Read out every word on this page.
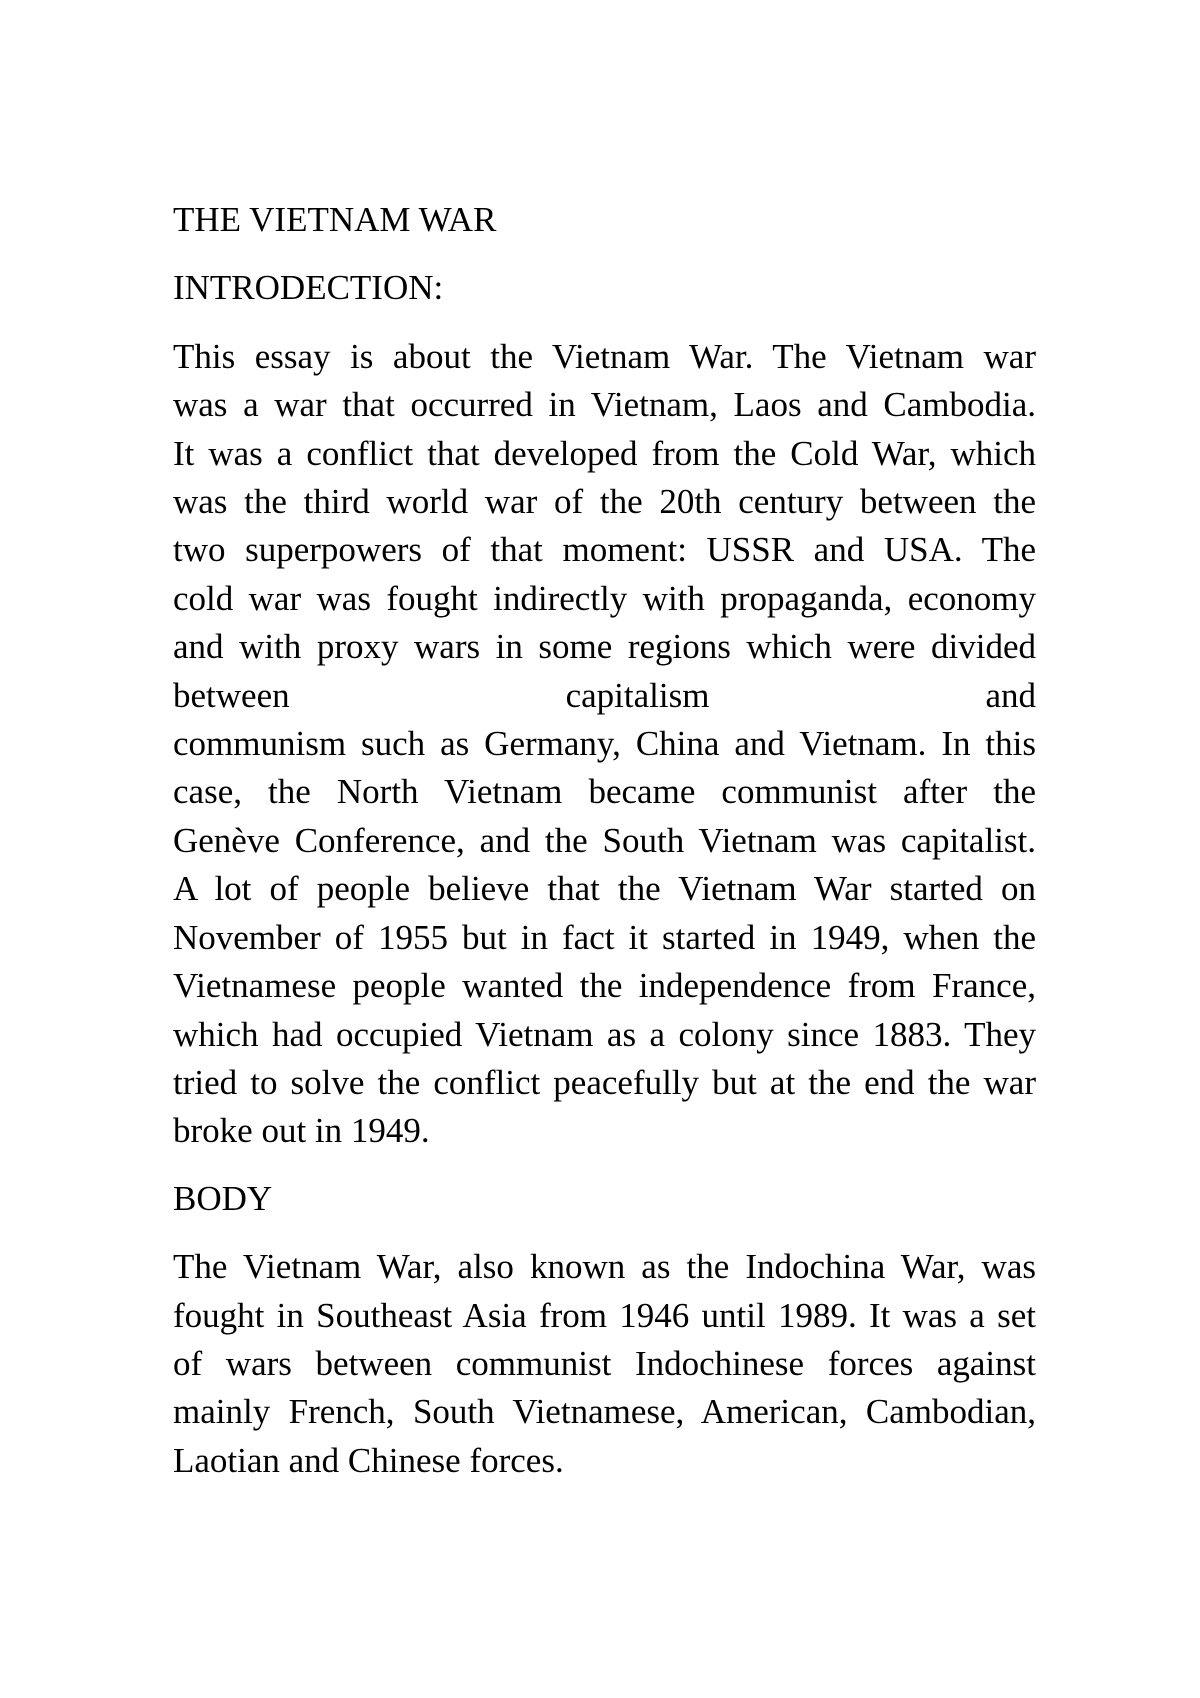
THE VIETNAM WAR
INTRODECTION:
This essay is about the Vietnam War. The Vietnam war
was a war that occurred in Vietnam, Laos and Cambodia.
It was a conflict that developed from the Cold War, which
was the third world war of the 20th century between the
two superpowers of that moment: USSR and USA. The
cold war was fought indirectly with propaganda, economy
and with proxy wars in some regions which were divided
between capitalism and
communism such as Germany, China and Vietnam. In this
case, the North Vietnam became communist after the
Genève Conference, and the South Vietnam was capitalist.
A lot of people believe that the Vietnam War started on
November of 1955 but in fact it started in 1949, when the
Vietnamese people wanted the independence from France,
which had occupied Vietnam as a colony since 1883. They
tried to solve the conflict peacefully but at the end the war
broke out in 1949.
BODY
The Vietnam War, also known as the Indochina War, was
fought in Southeast Asia from 1946 until 1989. It was a set
of wars between communist Indochinese forces against
mainly French, South Vietnamese, American, Cambodian,
Laotian and Chinese forces.
